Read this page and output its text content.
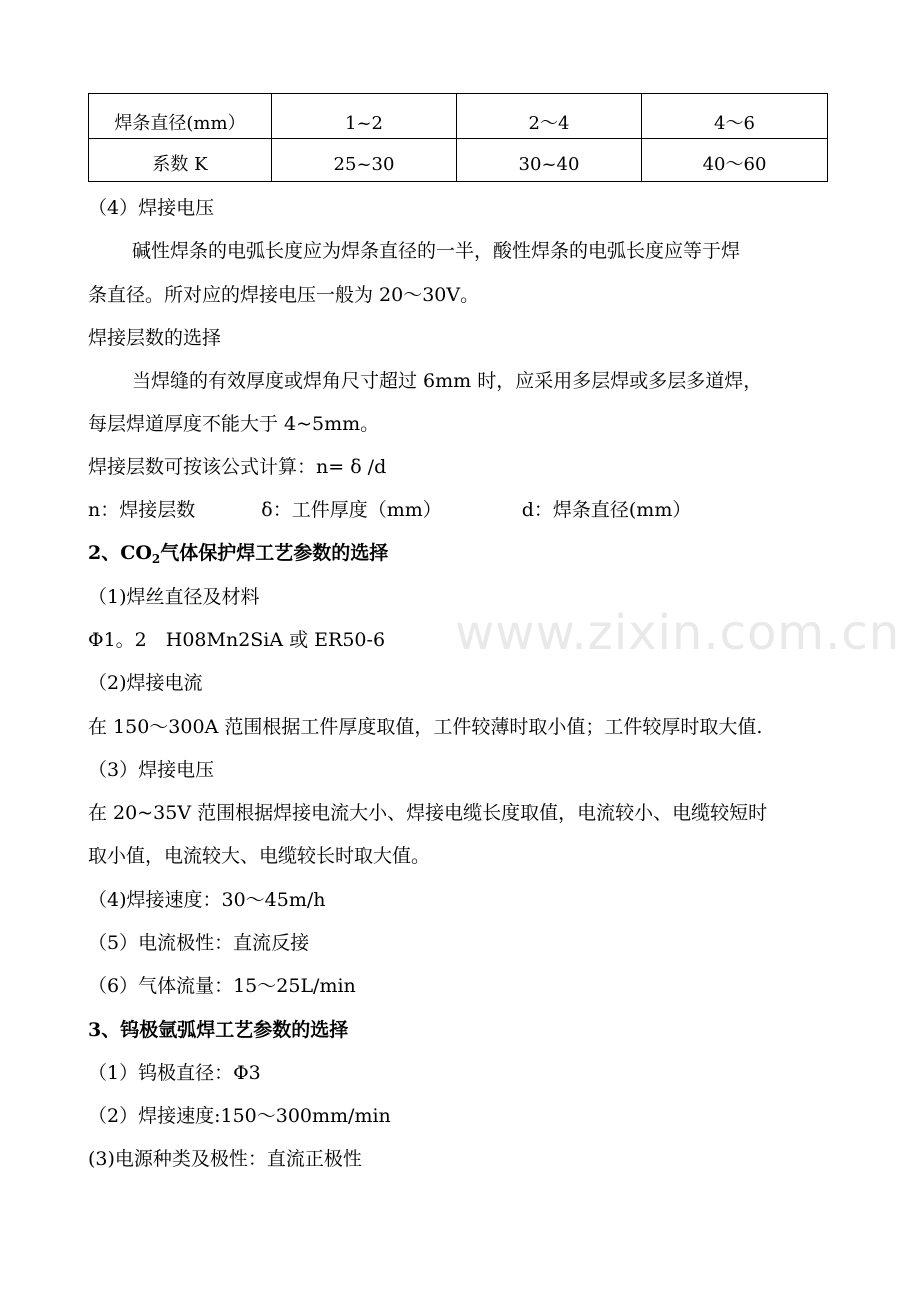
焊条直径(mm）	1~2	2～4	4～6
系数 K	25~30	30~40	40～60
（4）焊接电压
碱性焊条的电弧长度应为焊条直径的一半，酸性焊条的电弧长度应等于焊
条直径。所对应的焊接电压一般为 20～30V。
焊接层数的选择
当焊缝的有效厚度或焊角尺寸超过 6mm 时，应采用多层焊或多层多道焊，
每层焊道厚度不能大于 4~5mm。
焊接层数可按该公式计算：n= δ /d
n：焊接层数	δ：工件厚度（mm）	d：焊条直径(mm）
2、$CO_2$气体保护焊工艺参数的选择
（1)焊丝直径及材料
Φ1。2　H08Mn2SiA 或 ER50-6
（2)焊接电流
在 150～300A 范围根据工件厚度取值，工件较薄时取小值；工件较厚时取大值.
（3）焊接电压
在 20~35V 范围根据焊接电流大小、焊接电缆长度取值，电流较小、电缆较短时
取小值，电流较大、电缆较长时取大值。
（4)焊接速度：30～45m/h
（5）电流极性：直流反接
（6）气体流量：15～25L/min
3、钨极氩弧焊工艺参数的选择
（1）钨极直径：Φ3
（2）焊接速度:150～300mm/min
(3)电源种类及极性：直流正极性
www.zixin.com.cn
